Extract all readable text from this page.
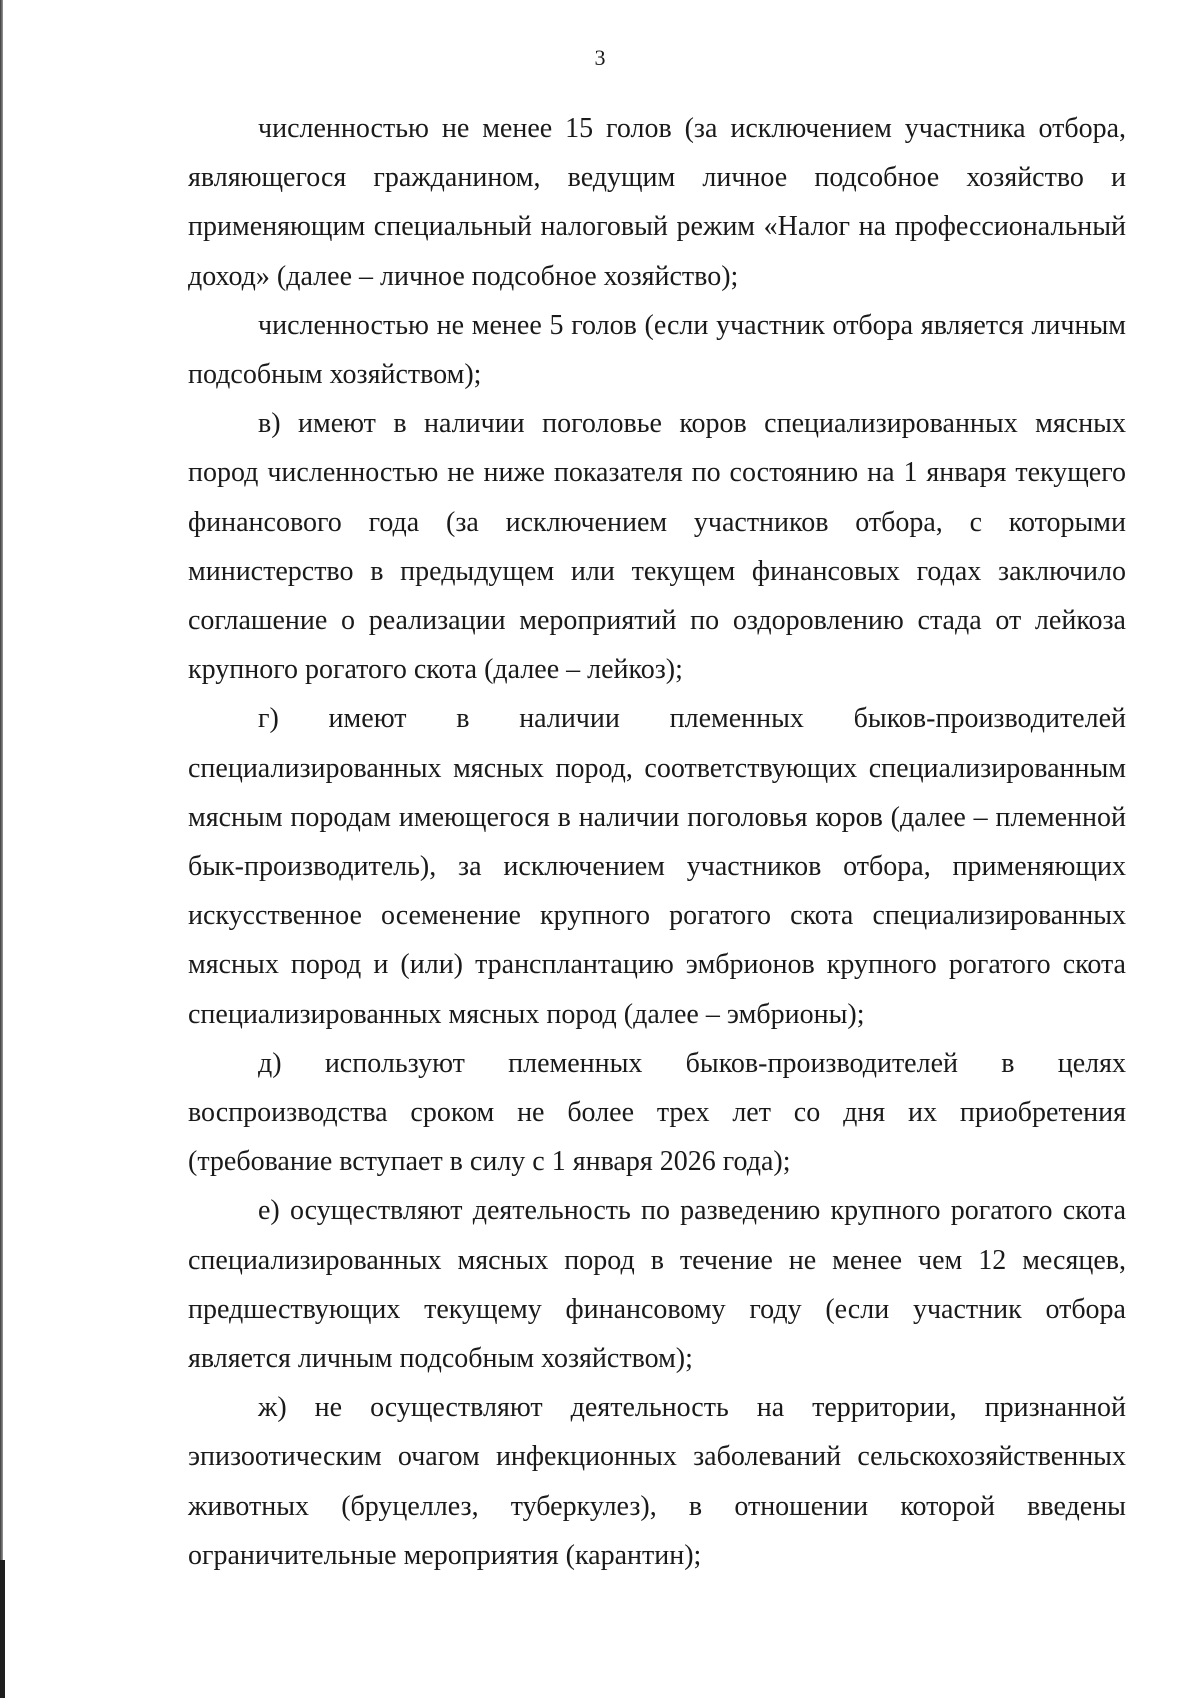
3

численностью не менее 15 голов (за исключением участника отбора, являющегося гражданином, ведущим личное подсобное хозяйство и применяющим специальный налоговый режим «Налог на профессиональный доход» (далее – личное подсобное хозяйство);

численностью не менее 5 голов (если участник отбора является личным подсобным хозяйством);

в) имеют в наличии поголовье коров специализированных мясных пород численностью не ниже показателя по состоянию на 1 января текущего финансового года (за исключением участников отбора, с которыми министерство в предыдущем или текущем финансовых годах заключило соглашение о реализации мероприятий по оздоровлению стада от лейкоза крупного рогатого скота (далее – лейкоз);

г) имеют в наличии племенных быков-производителей специализированных мясных пород, соответствующих специализированным мясным породам имеющегося в наличии поголовья коров (далее – племенной бык-производитель), за исключением участников отбора, применяющих искусственное осеменение крупного рогатого скота специализированных мясных пород и (или) трансплантацию эмбрионов крупного рогатого скота специализированных мясных пород (далее – эмбрионы);

д) используют племенных быков-производителей в целях воспроизводства сроком не более трех лет со дня их приобретения (требование вступает в силу с 1 января 2026 года);

е) осуществляют деятельность по разведению крупного рогатого скота специализированных мясных пород в течение не менее чем 12 месяцев, предшествующих текущему финансовому году (если участник отбора является личным подсобным хозяйством);

ж) не осуществляют деятельность на территории, признанной эпизоотическим очагом инфекционных заболеваний сельскохозяйственных животных (бруцеллез, туберкулез), в отношении которой введены ограничительные мероприятия (карантин);
